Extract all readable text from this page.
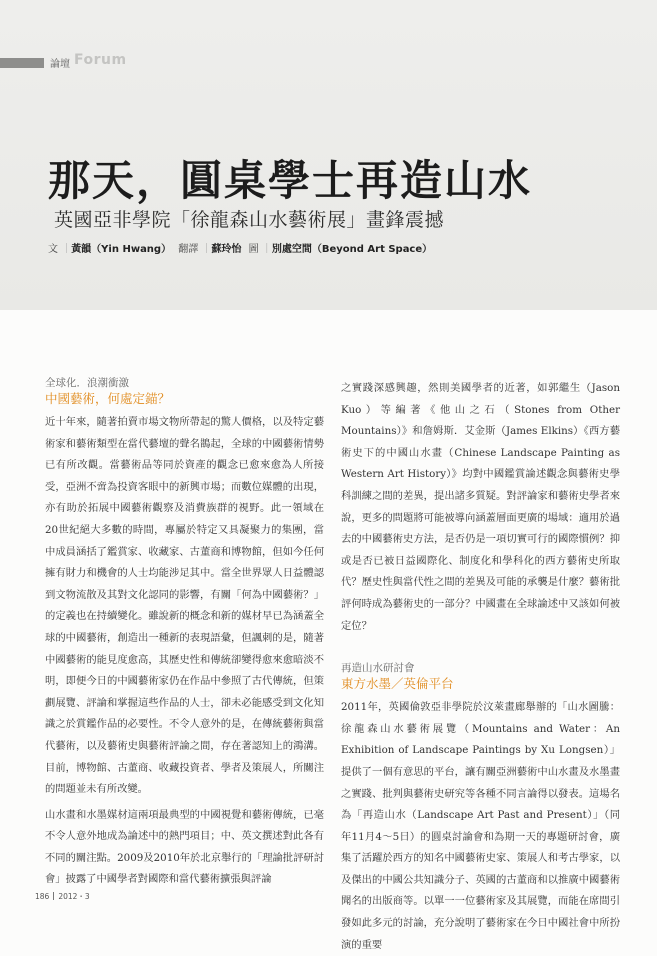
論壇 Forum
那天，圓桌學士再造山水
英國亞非學院「徐龍森山水藝術展」畫鋒震撼
文 ｜黃韻（Yin Hwang） 翻譯 ｜蘇玲怡 圖 ｜別處空間（Beyond Art Space）
全球化．浪潮衝激
中國藝術，何處定錨？

近十年來，隨著拍賣市場文物所帶起的驚人價格，以及特定藝術家和藝術類型在當代藝壇的聲名鵲起，全球的中國藝術情勢已有所改觀。當藝術品等同於資產的觀念已愈來愈為人所接受，亞洲不啻為投資客眼中的新興市場；而數位媒體的出現，亦有助於拓展中國藝術觀察及消費族群的視野。此一領域在20世紀絕大多數的時間，專屬於特定又具凝聚力的集團，當中成員涵括了鑑賞家、收藏家、古董商和博物館，但如今任何擁有財力和機會的人士均能涉足其中。當全世界眾人日益體認到文物流散及其對文化認同的影響，有關「何為中國藝術？」的定義也在持續變化。雖說新的概念和新的媒材早已為涵蓋全球的中國藝術，創造出一種新的表現語彙，但諷刺的是，隨著中國藝術的能見度愈高，其歷史性和傳統卻變得愈來愈暗淡不明，即便今日的中國藝術家仍在作品中參照了古代傳統，但策劃展覽、評論和掌握這些作品的人士，卻未必能感受到文化知識之於賞鑑作品的必要性。不令人意外的是，在傳統藝術與當代藝術，以及藝術史與藝術評論之間，存在著認知上的鴻溝。目前，博物館、古董商、收藏投資者、學者及策展人，所關注的問題並未有所改變。

山水畫和水墨媒材這兩項最典型的中國視覺和藝術傳統，已毫不令人意外地成為論述中的熱門項目；中、英文撰述對此各有不同的關注點。2009及2010年於北京舉行的「理論批評研討會」披露了中國學者對國際和當代藝術擴張與評論

之實踐深感興趣，然則美國學者的近著，如郭繼生（Jason Kuo）等編著《他山之石（Stones from Other Mountains）》和詹姆斯．艾金斯（James Elkins）《西方藝術史下的中國山水畫（Chinese Landscape Painting as Western Art History）》均對中國鑑賞論述觀念與藝術史學科訓練之間的差異，提出諸多質疑。對評論家和藝術史學者來說，更多的問題將可能被導向涵蓋層面更廣的場域：適用於過去的中國藝術史方法，是否仍是一項切實可行的國際慣例？抑或是否已被日益國際化、制度化和學科化的西方藝術史所取代？歷史性與當代性之間的差異及可能的承襲是什麼？藝術批評何時成為藝術史的一部分？中國畫在全球論述中又該如何被定位？

再造山水研討會
東方水墨／英倫平台

2011年，英國倫敦亞非學院於汶萊畫廊舉辦的「山水圖騰：徐龍森山水藝術展覽（Mountains and Water：An Exhibition of Landscape Paintings by Xu Longsen）」提供了一個有意思的平台，讓有關亞洲藝術中山水畫及水墨畫之實踐、批判與藝術史研究等各種不同言論得以發表。這場名為「再造山水（Landscape Art Past and Present）」（同年11月4～5日）的圓桌討論會和為期一天的專題研討會，廣集了活躍於西方的知名中國藝術史家、策展人和考古學家，以及傑出的中國公共知識分子、英國的古董商和以推廣中國藝術聞名的出版商等。以單一一位藝術家及其展覽，而能在席間引發如此多元的討論，充分說明了藝術家在今日中國社會中所扮演的重要

186 2012・3
